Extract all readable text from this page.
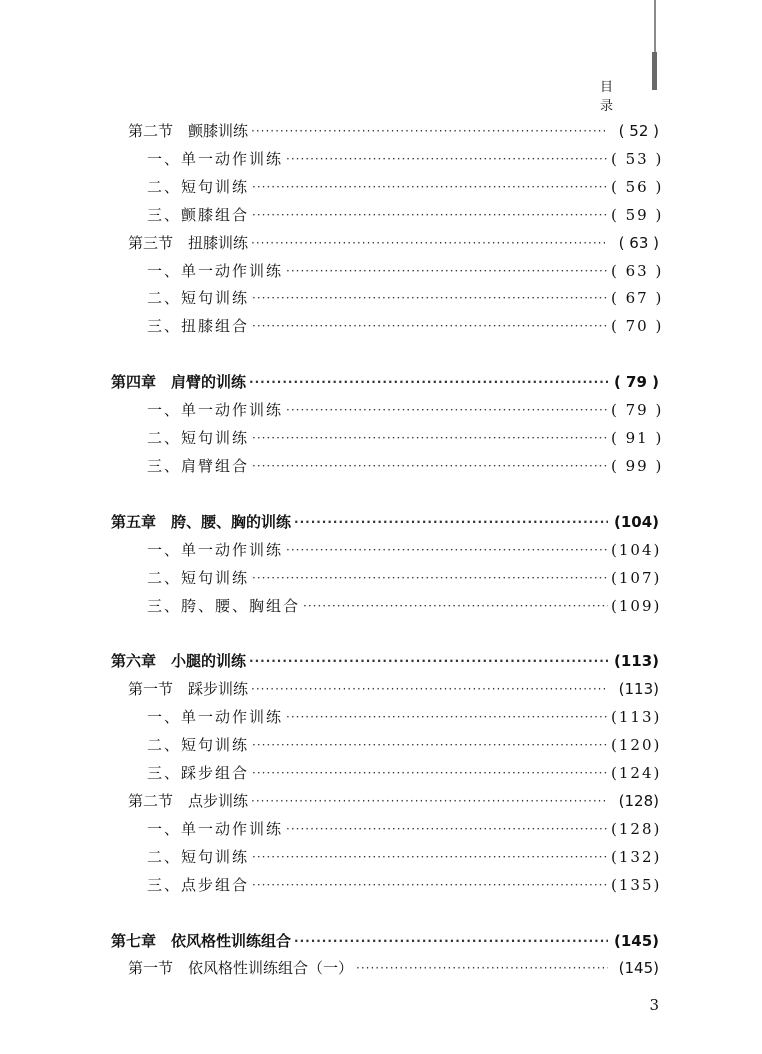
目 录
第二节　颤膝训练 ·····	( 52 )
一、单一动作训练 ·····	( 53 )
二、短句训练 ·····	( 56 )
三、颤膝组合 ·····	( 59 )
第三节　扭膝训练 ·····	( 63 )
一、单一动作训练 ·····	( 63 )
二、短句训练 ·····	( 67 )
三、扭膝组合 ·····	( 70 )
第四章　肩臂的训练 ·····	( 79 )
一、单一动作训练 ·····	( 79 )
二、短句训练 ·····	( 91 )
三、肩臂组合 ·····	( 99 )
第五章　胯、腰、胸的训练 ·····	(104)
一、单一动作训练 ·····	(104)
二、短句训练 ·····	(107)
三、胯、腰、胸组合 ·····	(109)
第六章　小腿的训练 ·····	(113)
第一节　踩步训练 ·····	(113)
一、单一动作训练 ·····	(113)
二、短句训练 ·····	(120)
三、踩步组合 ·····	(124)
第二节　点步训练 ·····	(128)
一、单一动作训练 ·····	(128)
二、短句训练 ·····	(132)
三、点步组合 ·····	(135)
第七章　依风格性训练组合 ·····	(145)
第一节　依风格性训练组合（一） ·····	(145)
3
